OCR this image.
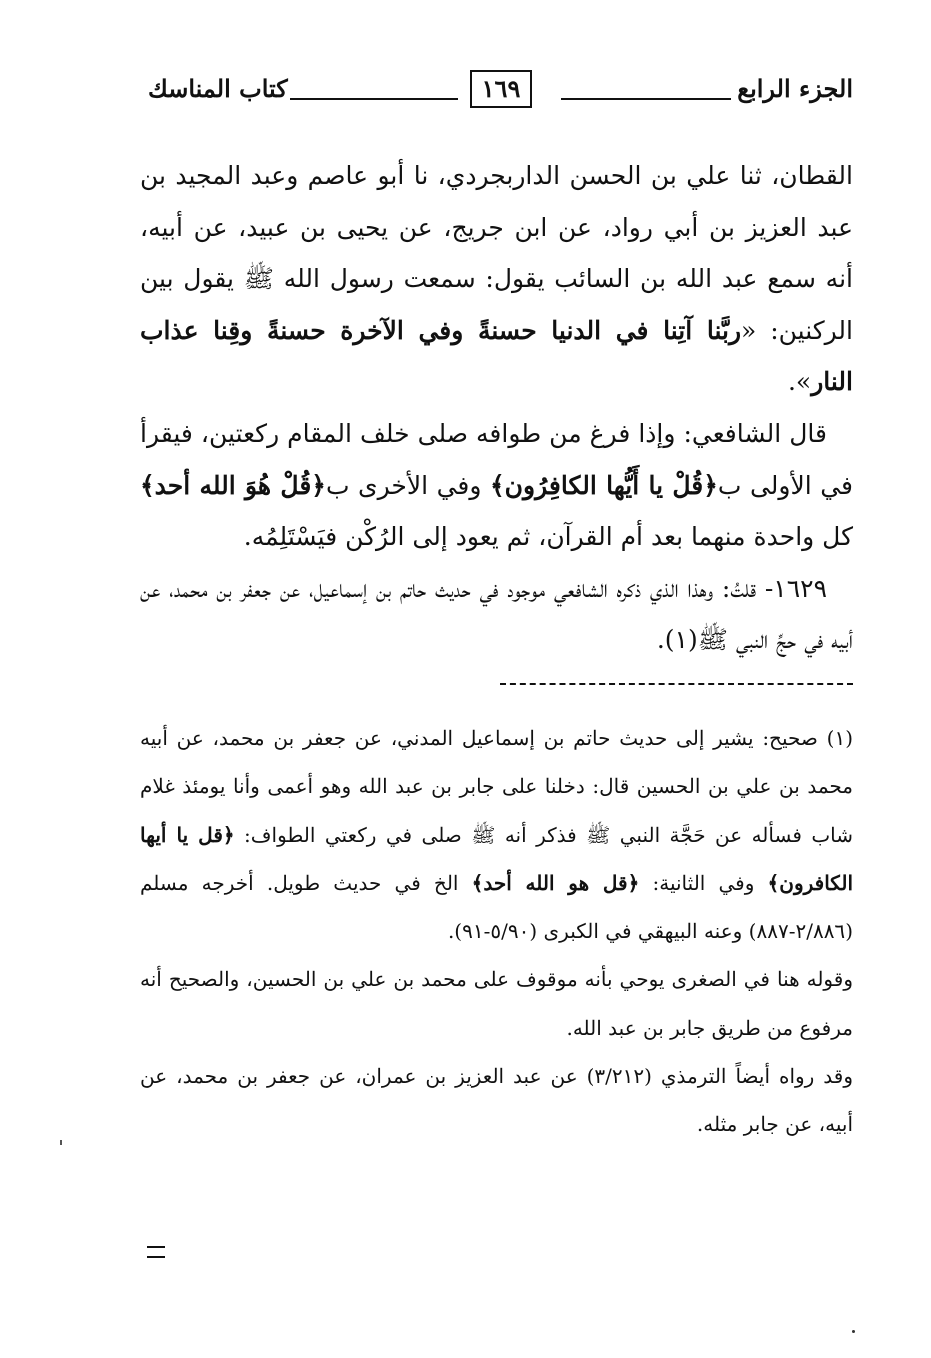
الجزء الرابع
١٦٩
كتاب المناسك

القطان، ثنا علي بن الحسن الداربجردي، نا أبو عاصم وعبد المجيد بن عبد العزيز بن أبي رواد، عن ابن جريج، عن يحيى بن عبيد، عن أبيه، أنه سمع عبد الله بن السائب يقول: سمعت رسول الله ﷺ يقول بين الركنين: «ربَّنا آتِنا في الدنيا حسنةً وفي الآخرة حسنةً وقِنا عذاب النار».

قال الشافعي: وإذا فرغ من طوافه صلى خلف المقام ركعتين، فيقرأ في الأولى ب﴿قُلْ يا أَيُّها الكافِرُون﴾ وفي الأخرى ب﴿قُلْ هُوَ الله أحد﴾ كل واحدة منهما بعد أم القرآن، ثم يعود إلى الرُكْن فيَسْتَلِمُه.

١٦٢٩- قلتُ: وهذا الذي ذكره الشافعي موجود في حديث حاتم بن إسماعيل، عن جعفر بن محمد، عن أبيه في حجِّ النبي ﷺ(١).

(١) صحيح: يشير إلى حديث حاتم بن إسماعيل المدني، عن جعفر بن محمد، عن أبيه محمد بن علي بن الحسين قال: دخلنا على جابر بن عبد الله وهو أعمى وأنا يومئذ غلام شاب فسأله عن حَجَّة النبي ﷺ فذكر أنه ﷺ صلى في ركعتي الطواف: ﴿قل يا أيها الكافرون﴾ وفي الثانية: ﴿قل هو الله أحد﴾ الخ في حديث طويل. أخرجه مسلم (٢/٨٨٦-٨٨٧) وعنه البيهقي في الكبرى (٥/٩٠-٩١).

وقوله هنا في الصغرى يوحي بأنه موقوف على محمد بن علي بن الحسين، والصحيح أنه مرفوع من طريق جابر بن عبد الله.

وقد رواه أيضاً الترمذي (٣/٢١٢) عن عبد العزيز بن عمران، عن جعفر بن محمد، عن أبيه، عن جابر مثله.
